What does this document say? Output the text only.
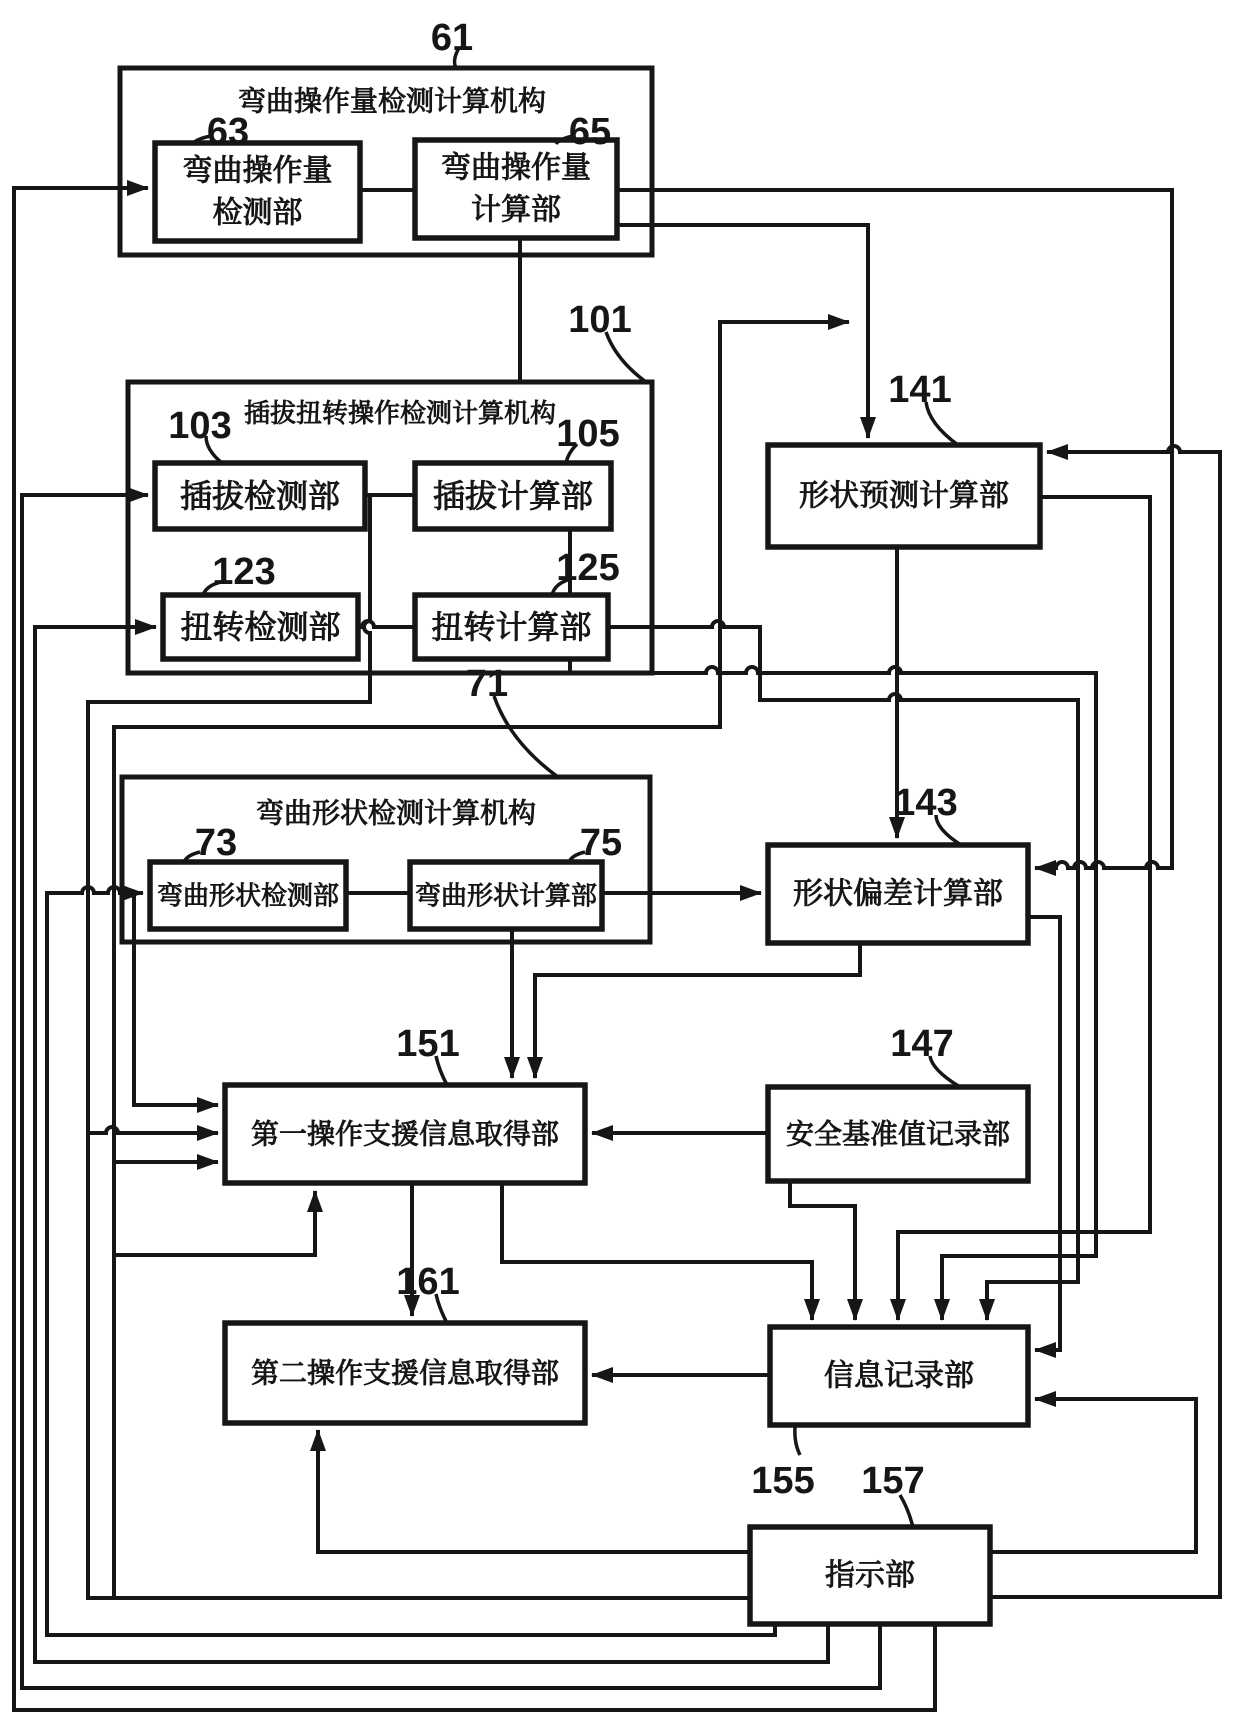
弯曲操作量检测计算机构
插拔扭转操作检测计算机构
弯曲形状检测计算机构
弯曲操作量
检测部
弯曲操作量
计算部
插拔检测部	插拔计算部
扭转检测部	扭转计算部
形状预测计算部
弯曲形状检测部	弯曲形状计算部	形状偏差计算部
第一操作支援信息取得部	安全基准值记录部
第二操作支援信息取得部	信息记录部
指示部
61
101
71
63	65
103	105
123	125
141
73	75
143
151	147
161
155 157
